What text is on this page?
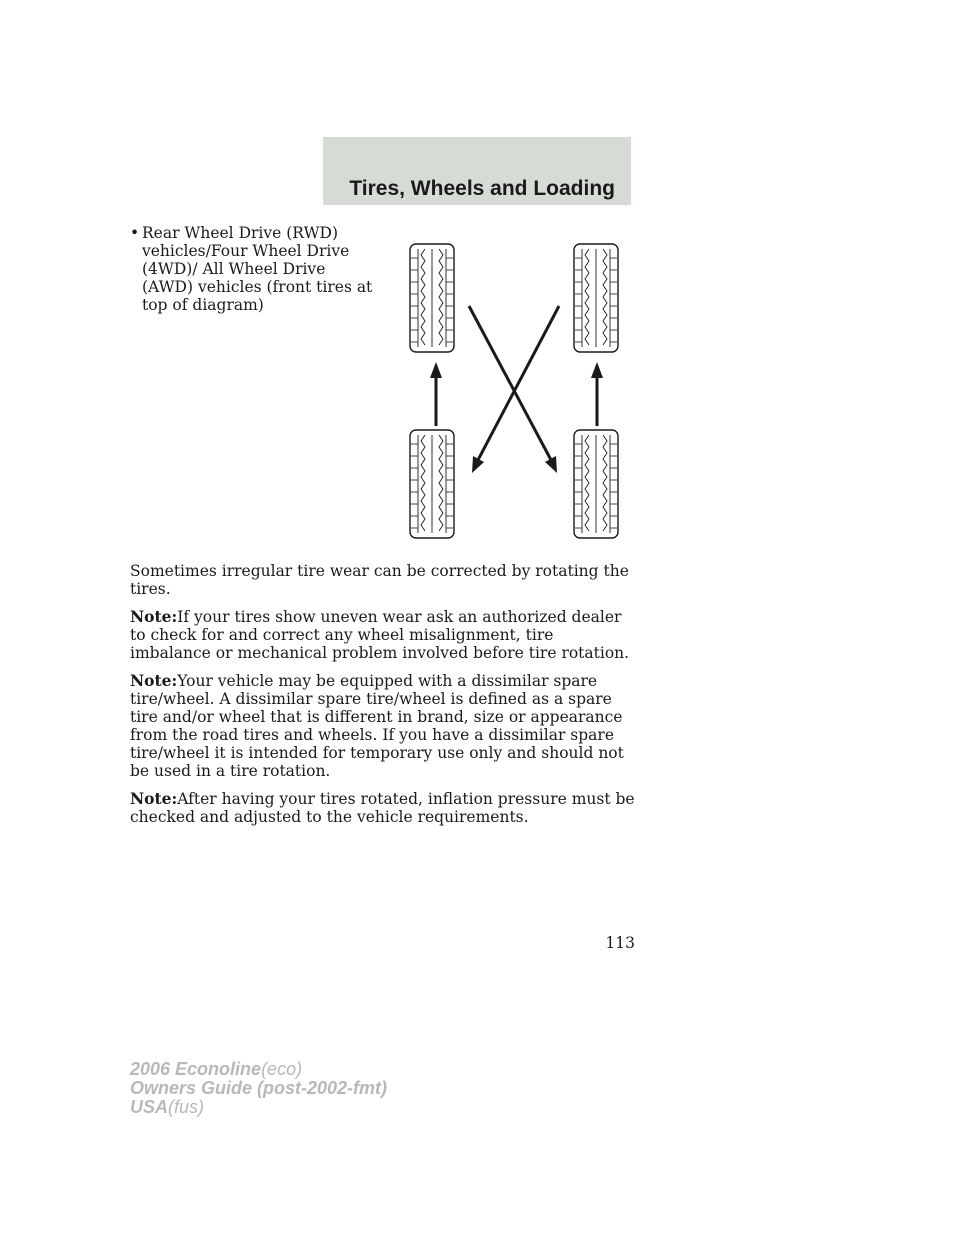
Tires, Wheels and Loading
• Rear Wheel Drive (RWD) vehicles/Four Wheel Drive (4WD)/ All Wheel Drive (AWD) vehicles (front tires at top of diagram)

Sometimes irregular tire wear can be corrected by rotating the tires.

Note:If your tires show uneven wear ask an authorized dealer to check for and correct any wheel misalignment, tire imbalance or mechanical problem involved before tire rotation.

Note:Your vehicle may be equipped with a dissimilar spare tire/wheel. A dissimilar spare tire/wheel is defined as a spare tire and/or wheel that is different in brand, size or appearance from the road tires and wheels. If you have a dissimilar spare tire/wheel it is intended for temporary use only and should not be used in a tire rotation.

Note:After having your tires rotated, inflation pressure must be checked and adjusted to the vehicle requirements.

113
2006 Econoline(eco)
Owners Guide (post-2002-fmt)
USA(fus)
